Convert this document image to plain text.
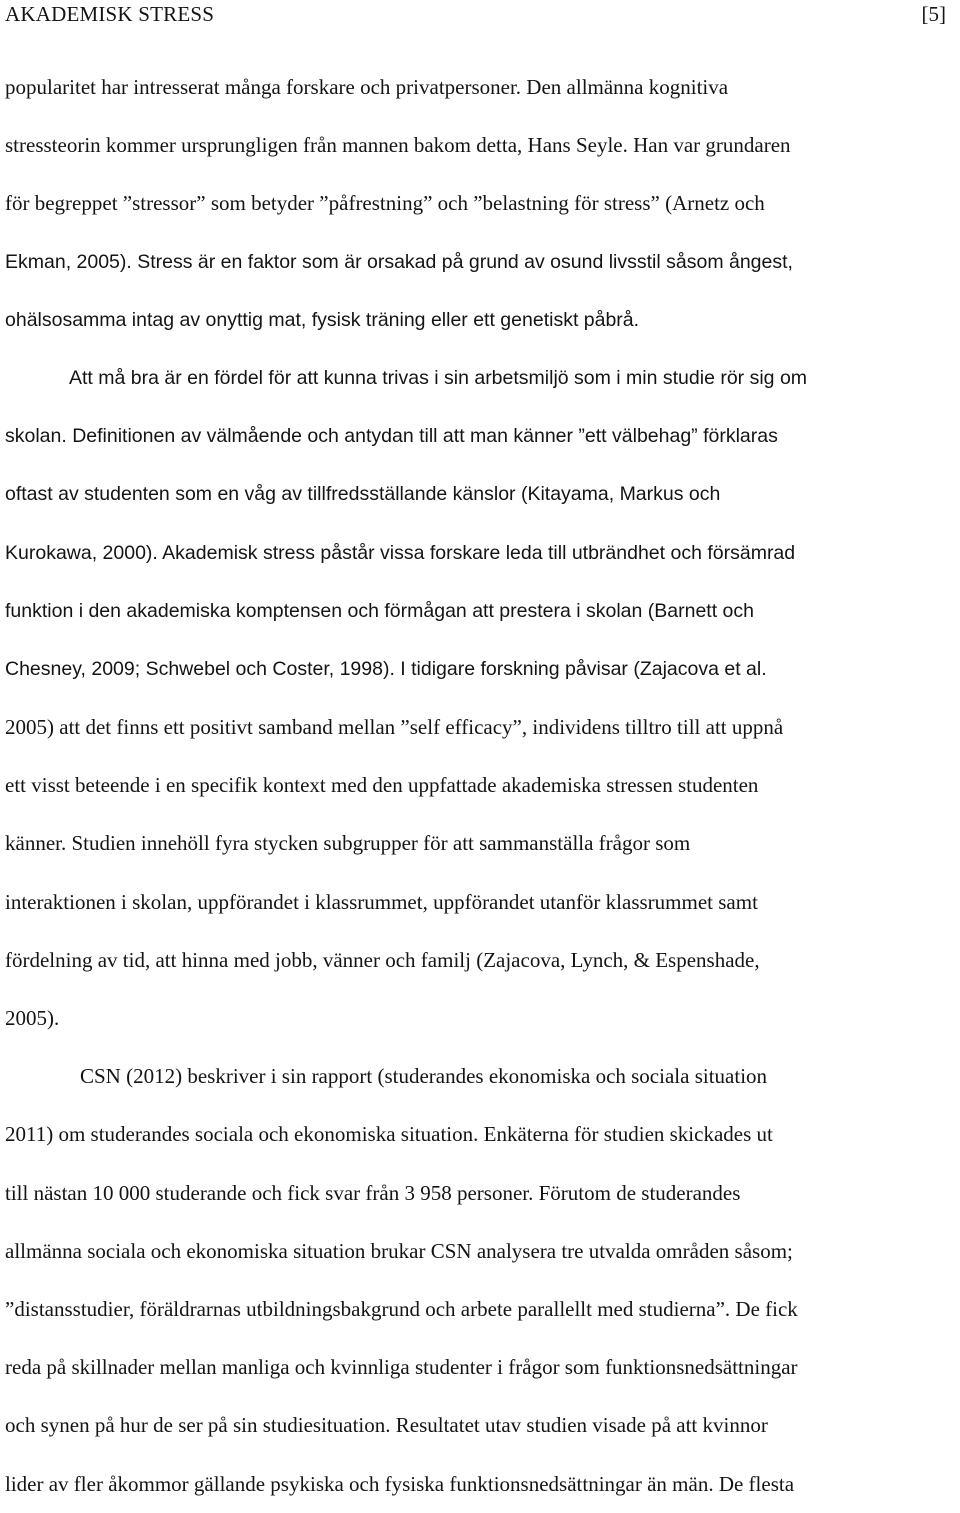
AKADEMISK STRESS	[5]

popularitet har intresserat många forskare och privatpersoner. Den allmänna kognitiva
stressteorin kommer ursprungligen från mannen bakom detta, Hans Seyle. Han var grundaren
för begreppet ”stressor” som betyder ”påfrestning” och ”belastning för stress” (Arnetz och
Ekman, 2005). Stress är en faktor som är orsakad på grund av osund livsstil såsom ångest,
ohälsosamma intag av onyttig mat, fysisk träning eller ett genetiskt påbrå.

Att må bra är en fördel för att kunna trivas i sin arbetsmiljö som i min studie rör sig om
skolan. Definitionen av välmående och antydan till att man känner ”ett välbehag” förklaras
oftast av studenten som en våg av tillfredsställande känslor (Kitayama, Markus och
Kurokawa, 2000). Akademisk stress påstår vissa forskare leda till utbrändhet och försämrad
funktion i den akademiska komptensen och förmågan att prestera i skolan (Barnett och
Chesney, 2009; Schwebel och Coster, 1998). I tidigare forskning påvisar (Zajacova et al.
2005) att det finns ett positivt samband mellan ”self efficacy”, individens tilltro till att uppnå
ett visst beteende i en specifik kontext med den uppfattade akademiska stressen studenten
känner. Studien innehöll fyra stycken subgrupper för att sammanställa frågor som
interaktionen i skolan, uppförandet i klassrummet, uppförandet utanför klassrummet samt
fördelning av tid, att hinna med jobb, vänner och familj (Zajacova, Lynch, & Espenshade,
2005).

CSN (2012) beskriver i sin rapport (studerandes ekonomiska och sociala situation
2011) om studerandes sociala och ekonomiska situation. Enkäterna för studien skickades ut
till nästan 10 000 studerande och fick svar från 3 958 personer. Förutom de studerandes
allmänna sociala och ekonomiska situation brukar CSN analysera tre utvalda områden såsom;
”distansstudier, föräldrarnas utbildningsbakgrund och arbete parallellt med studierna”. De fick
reda på skillnader mellan manliga och kvinnliga studenter i frågor som funktionsnedsättningar
och synen på hur de ser på sin studiesituation. Resultatet utav studien visade på att kvinnor
lider av fler åkommor gällande psykiska och fysiska funktionsnedsättningar än män. De flesta
